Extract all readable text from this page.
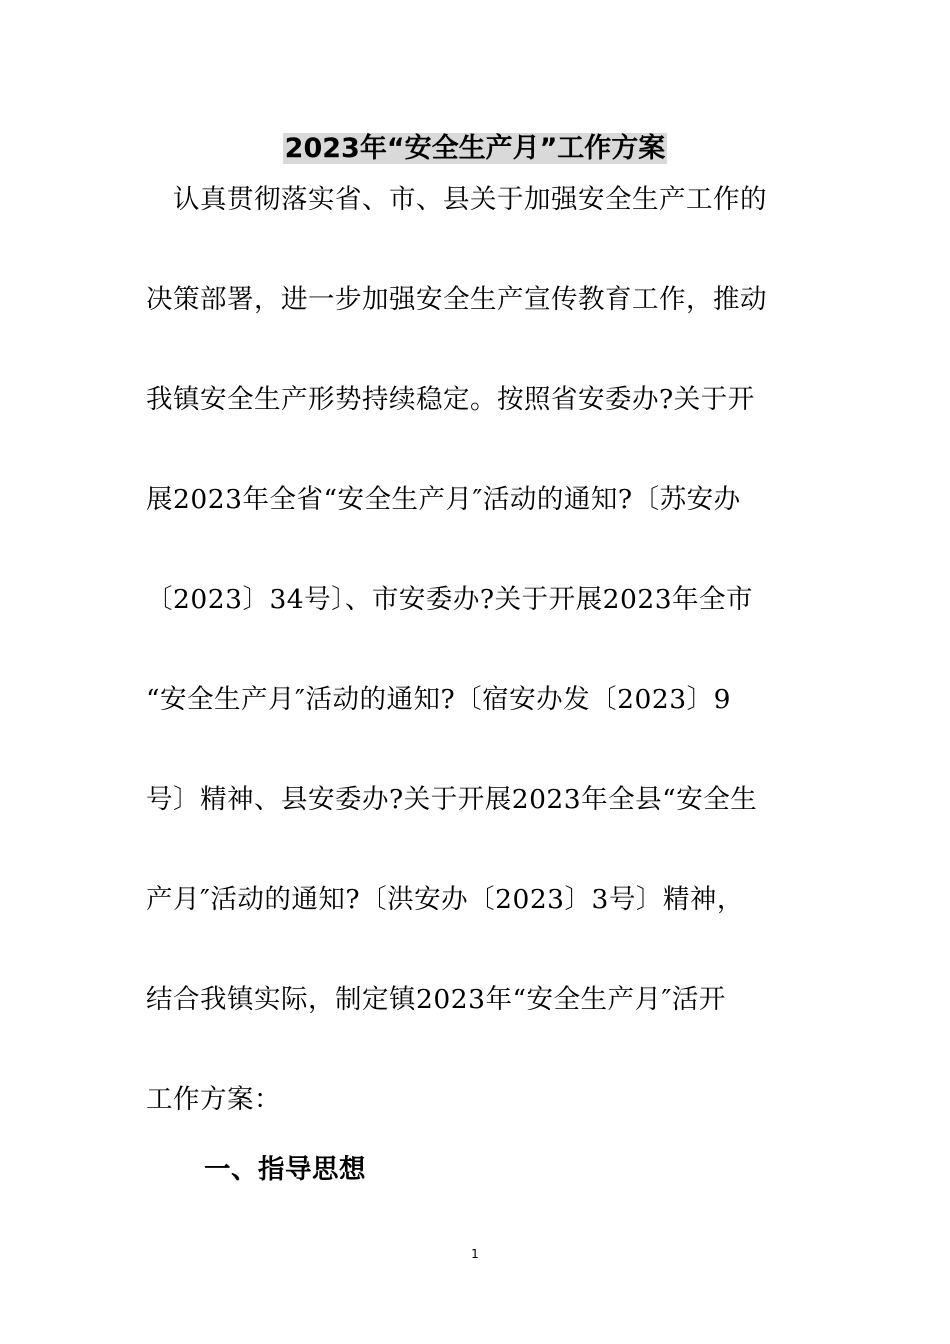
2023年“安全生产月”工作方案
　认真贯彻落实省、市、县关于加强安全生产工作的
决策部署，进一步加强安全生产宣传教育工作，推动
我镇安全生产形势持续稳定。按照省安委办?关于开
展2023年全省“安全生产月″活动的通知?〔苏安办
〔2023〕34号〕、市安委办?关于开展2023年全市
“安全生产月″活动的通知?〔宿安办发〔2023〕9
号〕精神、县安委办?关于开展2023年全县“安全生
产月″活动的通知?〔洪安办〔2023〕3号〕精神，
结合我镇实际，制定镇2023年“安全生产月″活开
工作方案：
一、指导思想
1
